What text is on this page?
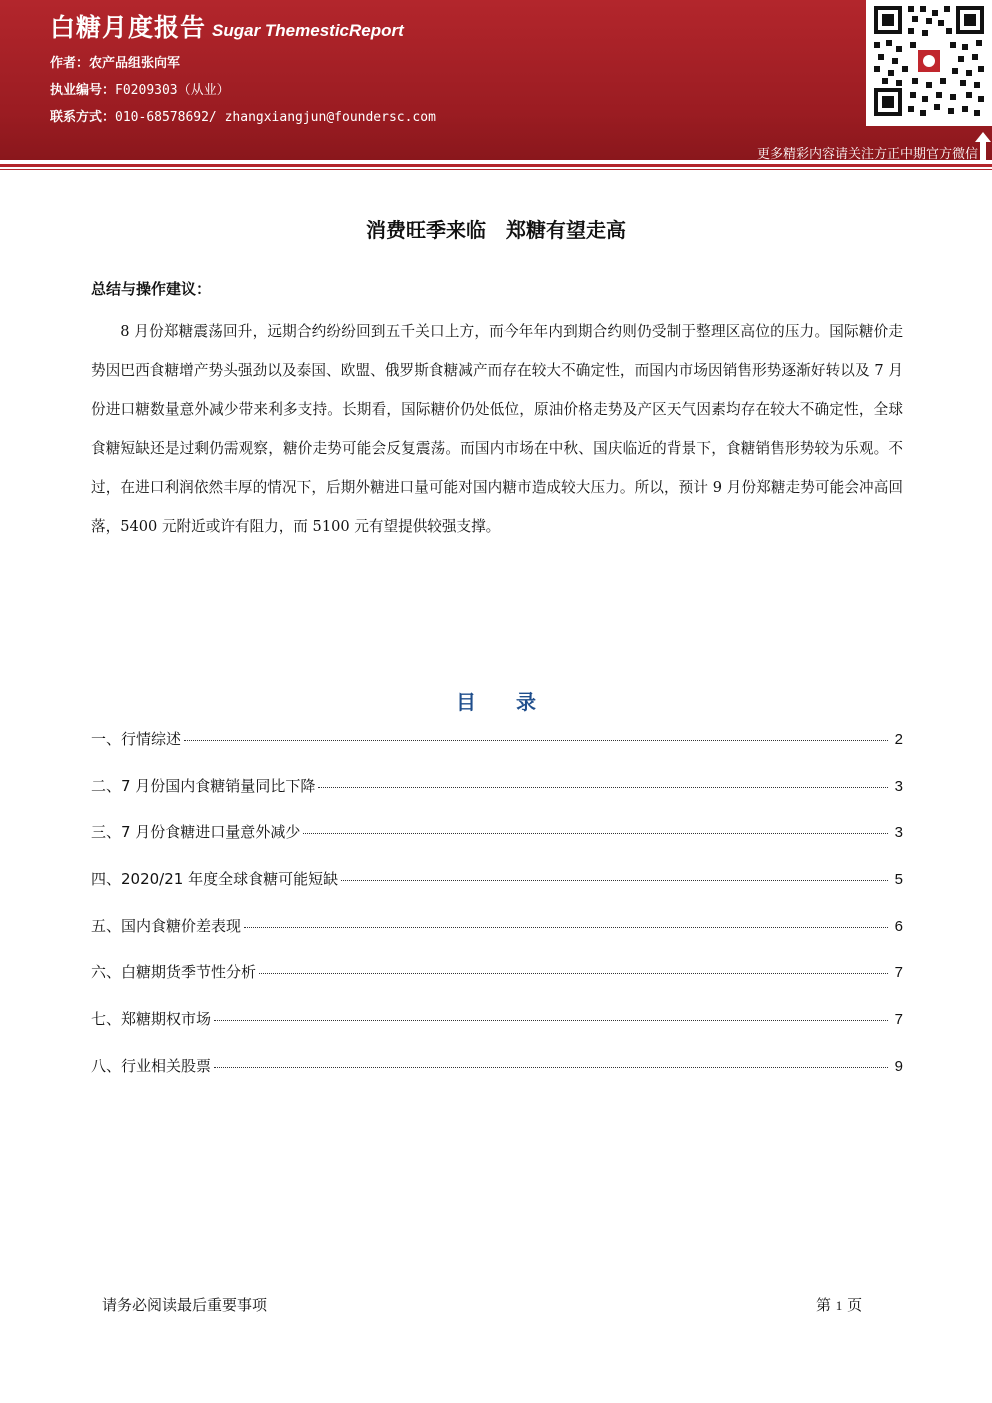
白糖月度报告 Sugar ThemesticReport
作者：农产品组张向军
执业编号：F0209303（从业）
联系方式：010-68578692/ zhangxiangjun@foundersc.com
更多精彩内容请关注方正中期官方微信
消费旺季来临　郑糖有望走高
总结与操作建议：
8 月份郑糖震荡回升，远期合约纷纷回到五千关口上方，而今年年内到期合约则仍受制于整理区高位的压力。国际糖价走势因巴西食糖增产势头强劲以及泰国、欧盟、俄罗斯食糖减产而存在较大不确定性，而国内市场因销售形势逐渐好转以及 7 月份进口糖数量意外减少带来利多支持。长期看，国际糖价仍处低位，原油价格走势及产区天气因素均存在较大不确定性，全球食糖短缺还是过剩仍需观察，糖价走势可能会反复震荡。而国内市场在中秋、国庆临近的背景下，食糖销售形势较为乐观。不过，在进口利润依然丰厚的情况下，后期外糖进口量可能对国内糖市造成较大压力。所以，预计 9 月份郑糖走势可能会冲高回落，5400 元附近或许有阻力，而 5100 元有望提供较强支撑。
目 录
一、行情综述	2
二、7 月份国内食糖销量同比下降	3
三、7 月份食糖进口量意外减少	3
四、2020/21 年度全球食糖可能短缺	5
五、国内食糖价差表现	6
六、白糖期货季节性分析	7
七、郑糖期权市场	7
八、行业相关股票	9
请务必阅读最后重要事项	第 1 页
